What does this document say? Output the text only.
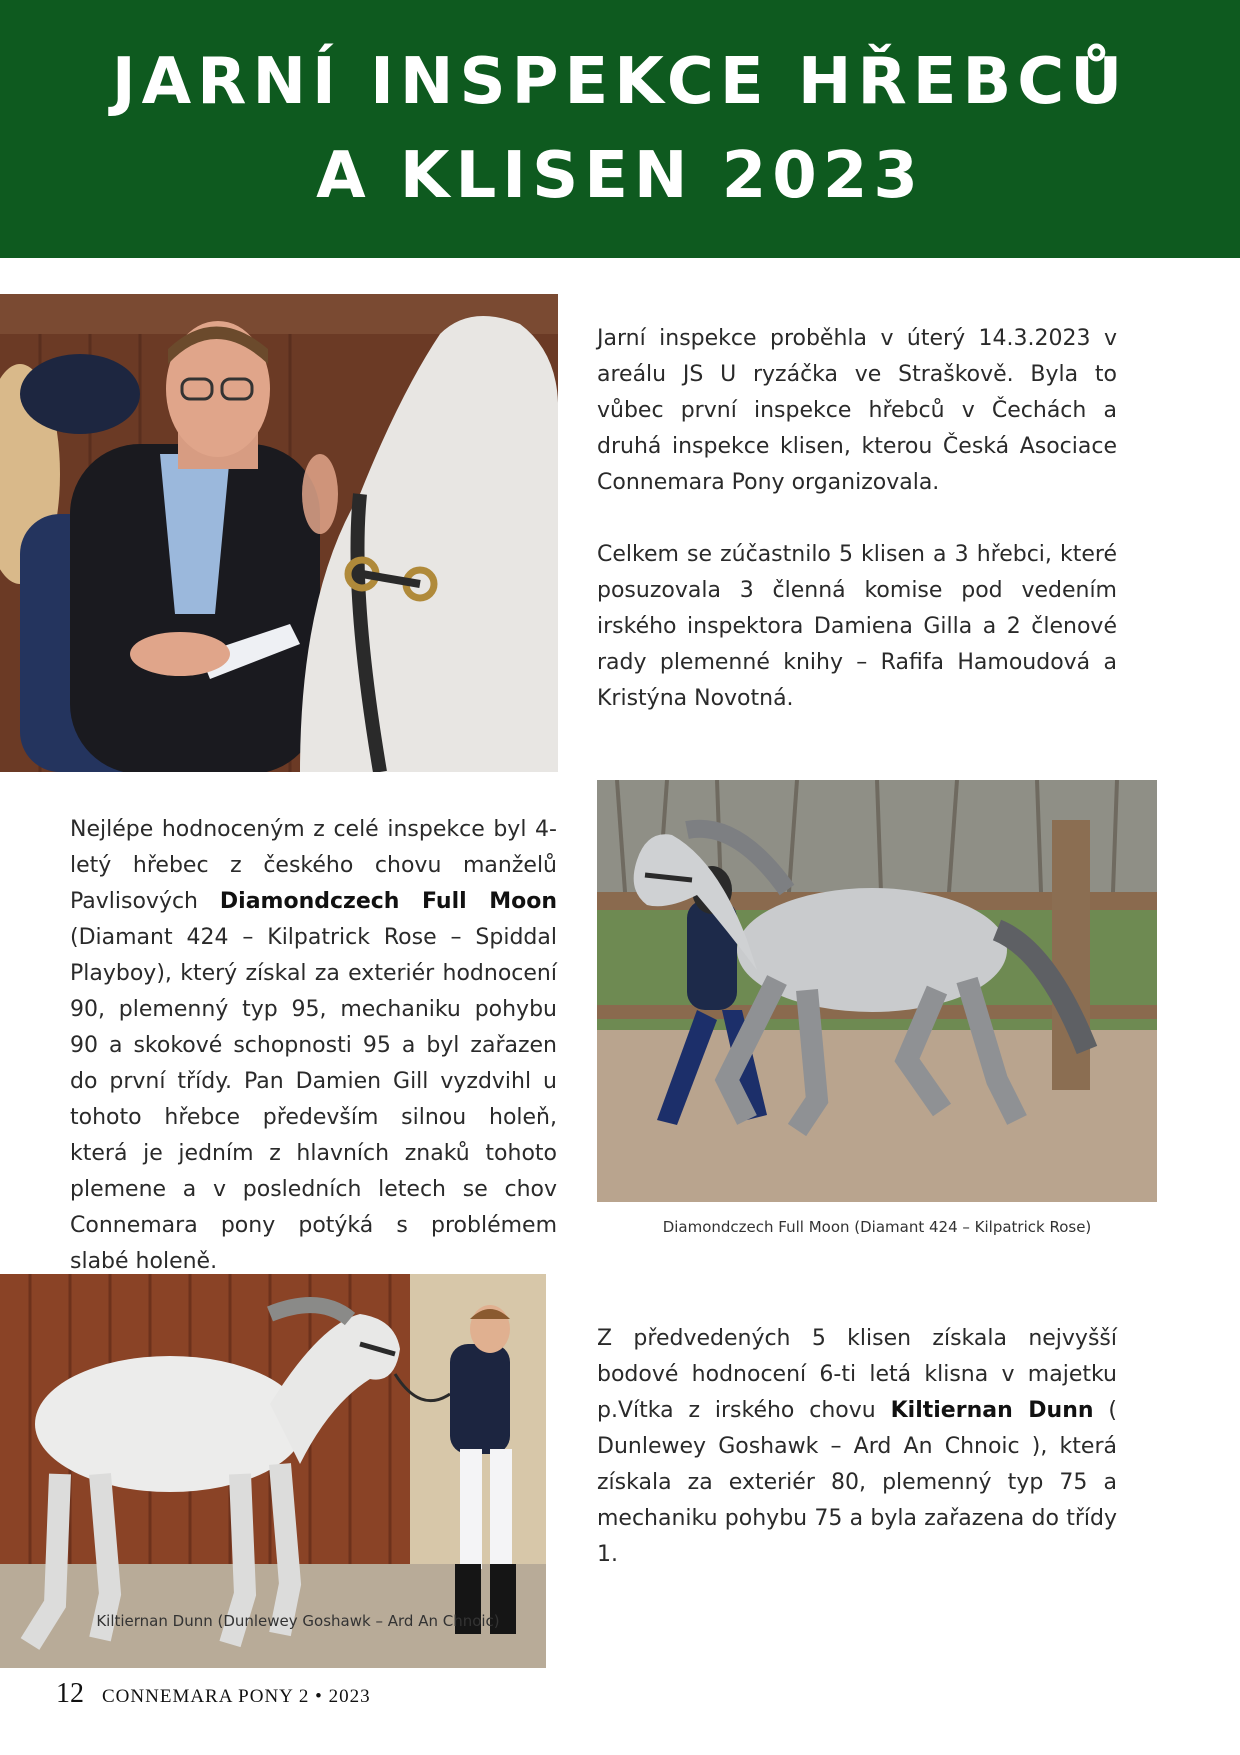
JARNÍ INSPEKCE HŘEBCŮ
A KLISEN 2023

Jarní inspekce proběhla v úterý 14.3.2023 v areálu JS U ryzáčka ve Straškově. Byla to vůbec první inspekce hřebců v Čechách a druhá inspekce klisen, kterou Česká Asociace Connemara Pony organizovala.

Celkem se zúčastnilo 5 klisen a 3 hřebci, které posuzovala 3 členná komise pod vedením irského inspektora Damiena Gilla a 2 členové rady plemenné knihy – Rafifa Hamoudová a Kristýna Novotná.

Nejlépe hodnoceným z celé inspekce byl 4-letý hřebec z českého chovu manželů Pavlisových Diamondczech Full Moon (Diamant 424 – Kilpatrick Rose – Spiddal Playboy), který získal za exteriér hodnocení 90, plemenný typ 95, mechaniku pohybu 90 a skokové schopnosti 95 a byl zařazen do první třídy. Pan Damien Gill vyzdvihl u tohoto hřebce především silnou holeň, která je jedním z hlavních znaků tohoto plemene a v posledních letech se chov Connemara pony potýká s problémem slabé holeně.

Diamondczech Full Moon (Diamant 424 – Kilpatrick Rose)
Kiltiernan Dunn (Dunlewey Goshawk – Ard An Chnoic)

Z předvedených 5 klisen získala nejvyšší bodové hodnocení 6-ti letá klisna v majetku p.Vítka z irského chovu Kiltiernan Dunn ( Dunlewey Goshawk – Ard An Chnoic ), která získala za exteriér 80, plemenný typ 75 a mechaniku pohybu 75 a byla zařazena do třídy 1.

12 CONNEMARA PONY 2 • 2023
